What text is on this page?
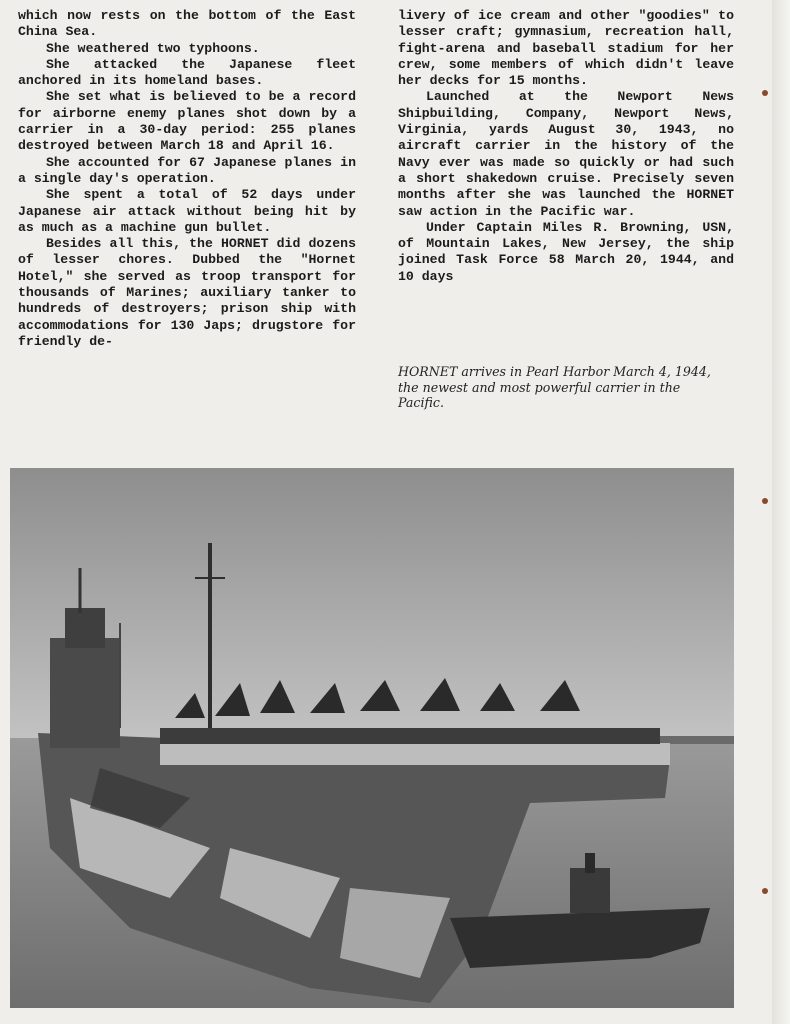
which now rests on the bottom of the East China Sea.

She weathered two typhoons.

She attacked the Japanese fleet anchored in its homeland bases.

She set what is believed to be a record for airborne enemy planes shot down by a carrier in a 30-day period: 255 planes destroyed between March 18 and April 16.

She accounted for 67 Japanese planes in a single day's operation.

She spent a total of 52 days under Japanese air attack without being hit by as much as a machine gun bullet.

Besides all this, the HORNET did dozens of lesser chores. Dubbed the "Hornet Hotel," she served as troop transport for thousands of Marines; auxiliary tanker to hundreds of destroyers; prison ship with accommodations for 130 Japs; drugstore for friendly de-

livery of ice cream and other "goodies" to lesser craft; gymnasium, recreation hall, fight-arena and baseball stadium for her crew, some members of which didn't leave her decks for 15 months.

Launched at the Newport News Shipbuilding, Company, Newport News, Virginia, yards August 30, 1943, no aircraft carrier in the history of the Navy ever was made so quickly or had such a short shakedown cruise. Precisely seven months after she was launched the HORNET saw action in the Pacific war.

Under Captain Miles R. Browning, USN, of Mountain Lakes, New Jersey, the ship joined Task Force 58 March 20, 1944, and 10 days

HORNET arrives in Pearl Harbor March 4, 1944, the newest and most powerful carrier in the Pacific.
